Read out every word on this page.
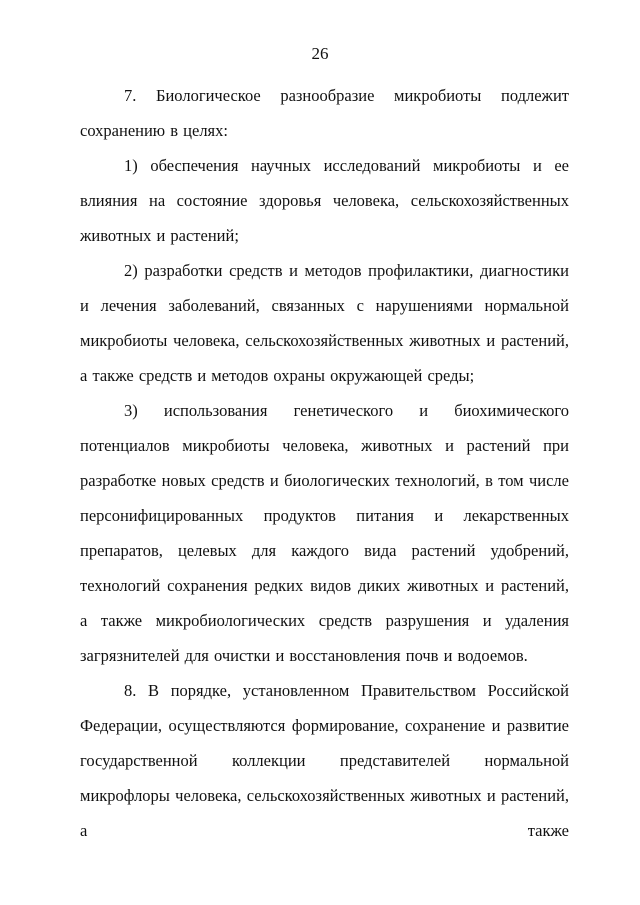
26

7. Биологическое разнообразие микробиоты подлежит сохранению в целях:

1) обеспечения научных исследований микробиоты и ее влияния на состояние здоровья человека, сельскохозяйственных животных и растений;

2) разработки средств и методов профилактики, диагностики и лечения заболеваний, связанных с нарушениями нормальной микробиоты человека, сельскохозяйственных животных и растений, а также средств и методов охраны окружающей среды;

3) использования генетического и биохимического потенциалов микробиоты человека, животных и растений при разработке новых средств и биологических технологий, в том числе персонифицированных продуктов питания и лекарственных препаратов, целевых для каждого вида растений удобрений, технологий сохранения редких видов диких животных и растений, а также микробиологических средств разрушения и удаления загрязнителей для очистки и восстановления почв и водоемов.

8. В порядке, установленном Правительством Российской Федерации, осуществляются формирование, сохранение и развитие государственной коллекции представителей нормальной микрофлоры человека, сельскохозяйственных животных и растений, а также
